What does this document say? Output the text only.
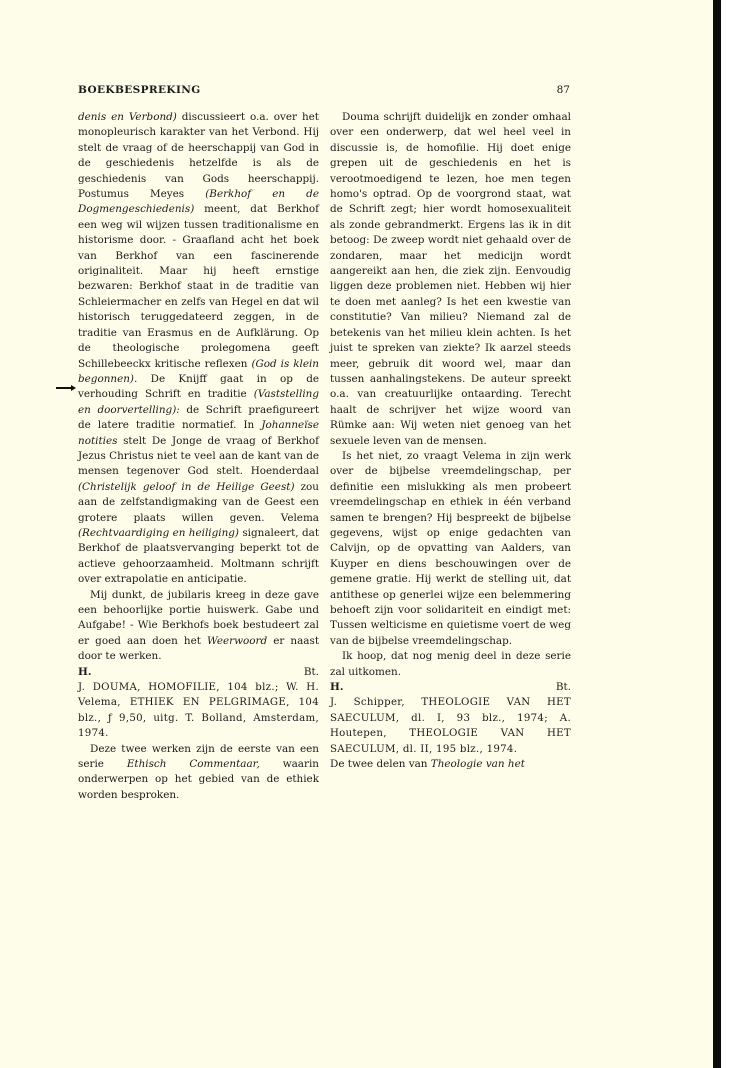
BOEKBESPREKING	87

denis en Verbond) discussieert o.a. over het monopleurisch karakter van het Verbond. Hij stelt de vraag of de heerschappij van God in de geschiedenis hetzelfde is als de geschiedenis van Gods heerschappij. Postumus Meyes (Berkhof en de Dogmengeschiedenis) meent, dat Berkhof een weg wil wijzen tussen traditionalisme en historisme door. - Graafland acht het boek van Berkhof van een fascinerende originaliteit. Maar hij heeft ernstige bezwaren: Berkhof staat in de traditie van Schleiermacher en zelfs van Hegel en dat wil historisch teruggedateerd zeggen, in de traditie van Erasmus en de Aufklärung. Op de theologische prolegomena geeft Schillebeeckx kritische reflexen (God is klein begonnen). De Knijff gaat in op de verhouding Schrift en traditie (Vaststelling en doorvertelling): de Schrift praefigureert de latere traditie normatief. In Johanneïse notities stelt De Jonge de vraag of Berkhof Jezus Christus niet te veel aan de kant van de mensen tegenover God stelt. Hoenderdaal (Christelijk geloof in de Heilige Geest) zou aan de zelfstandigmaking van de Geest een grotere plaats willen geven. Velema (Rechtvaardiging en heiliging) signaleert, dat Berkhof de plaatsvervanging beperkt tot de actieve gehoorzaamheid. Moltmann schrijft over extrapolatie en anticipatie.

Mij dunkt, de jubilaris kreeg in deze gave een behoorlijke portie huiswerk. Gabe und Aufgabe! - Wie Berkhofs boek bestudeert zal er goed aan doen het Weerwoord er naast door te werken.

H.	Bt.

J. DOUMA, HOMOFILIE, 104 blz.; W. H. Velema, ETHIEK EN PELGRIMAGE, 104 blz., ƒ 9,50, uitg. T. Bolland, Amsterdam, 1974.

Deze twee werken zijn de eerste van een serie Ethisch Commentaar, waarin onderwerpen op het gebied van de ethiek worden besproken.

Douma schrijft duidelijk en zonder omhaal over een onderwerp, dat wel heel veel in discussie is, de homofilie. Hij doet enige grepen uit de geschiedenis en het is verootmoedigend te lezen, hoe men tegen homo's optrad. Op de voorgrond staat, wat de Schrift zegt; hier wordt homosexualiteit als zonde gebrandmerkt. Ergens las ik in dit betoog: De zweep wordt niet gehaald over de zondaren, maar het medicijn wordt aangereikt aan hen, die ziek zijn. Eenvoudig liggen deze problemen niet. Hebben wij hier te doen met aanleg? Is het een kwestie van constitutie? Van milieu? Niemand zal de betekenis van het milieu klein achten. Is het juist te spreken van ziekte? Ik aarzel steeds meer, gebruik dit woord wel, maar dan tussen aanhalingstekens. De auteur spreekt o.a. van creatuurlijke ontaarding. Terecht haalt de schrijver het wijze woord van Rümke aan: Wij weten niet genoeg van het sexuele leven van de mensen.

Is het niet, zo vraagt Velema in zijn werk over de bijbelse vreemdelingschap, per definitie een mislukking als men probeert vreemdelingschap en ethiek in één verband samen te brengen? Hij bespreekt de bijbelse gegevens, wijst op enige gedachten van Calvijn, op de opvatting van Aalders, van Kuyper en diens beschouwingen over de gemene gratie. Hij werkt de stelling uit, dat antithese op generlei wijze een belemmering behoeft zijn voor solidariteit en eindigt met: Tussen welticisme en quietisme voert de weg van de bijbelse vreemdelingschap.

Ik hoop, dat nog menig deel in deze serie zal uitkomen.

H.	Bt.

J. Schipper, THEOLOGIE VAN HET SAECULUM, dl. I, 93 blz., 1974; A. Houtepen, THEOLOGIE VAN HET SAECULUM, dl. II, 195 blz., 1974.

De twee delen van Theologie van het
